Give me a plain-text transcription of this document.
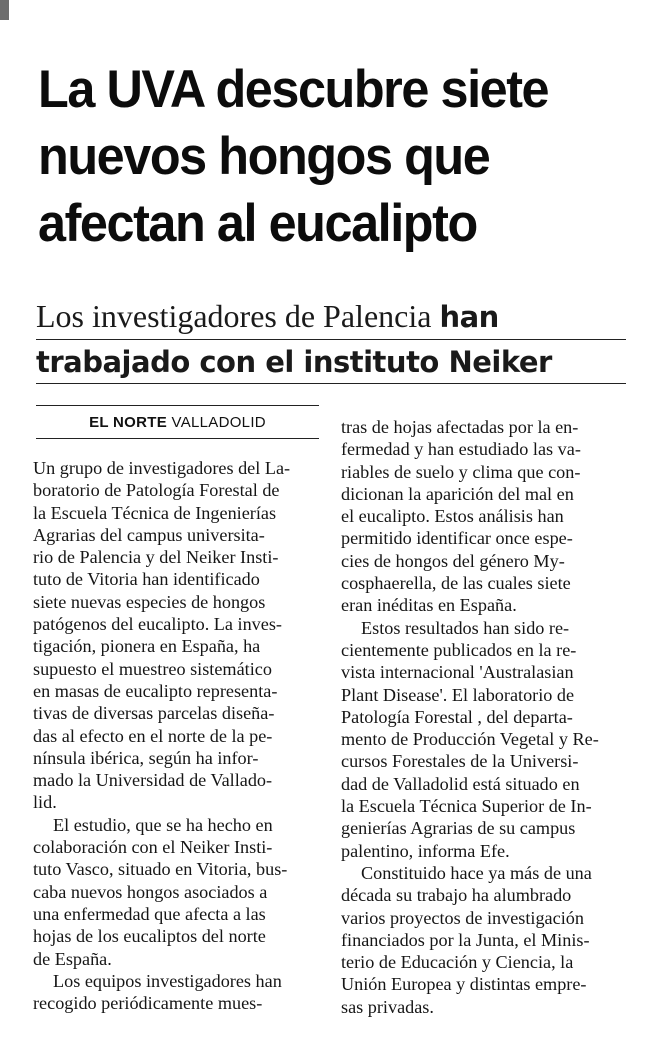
La UVA descubre siete
nuevos hongos que
afectan al eucalipto
Los investigadores de Palencia han
trabajado con el instituto Neiker
EL NORTE VALLADOLID
Un grupo de investigadores del La-
boratorio de Patología Forestal de
la Escuela Técnica de Ingenierías
Agrarias del campus universita-
rio de Palencia y del Neiker Insti-
tuto de Vitoria han identificado
siete nuevas especies de hongos
patógenos del eucalipto. La inves-
tigación, pionera en España, ha
supuesto el muestreo sistemático
en masas de eucalipto representa-
tivas de diversas parcelas diseña-
das al efecto en el norte de la pe-
nínsula ibérica, según ha infor-
mado la Universidad de Vallado-
lid.
El estudio, que se ha hecho en
colaboración con el Neiker Insti-
tuto Vasco, situado en Vitoria, bus-
caba nuevos hongos asociados a
una enfermedad que afecta a las
hojas de los eucaliptos del norte
de España.
Los equipos investigadores han
recogido periódicamente mues-
tras de hojas afectadas por la en-
fermedad y han estudiado las va-
riables de suelo y clima que con-
dicionan la aparición del mal en
el eucalipto. Estos análisis han
permitido identificar once espe-
cies de hongos del género My-
cosphaerella, de las cuales siete
eran inéditas en España.
Estos resultados han sido re-
cientemente publicados en la re-
vista internacional 'Australasian
Plant Disease'. El laboratorio de
Patología Forestal , del departa-
mento de Producción Vegetal y Re-
cursos Forestales de la Universi-
dad de Valladolid está situado en
la Escuela Técnica Superior de In-
genierías Agrarias de su campus
palentino, informa Efe.
Constituido hace ya más de una
década su trabajo ha alumbrado
varios proyectos de investigación
financiados por la Junta, el Minis-
terio de Educación y Ciencia, la
Unión Europea y distintas empre-
sas privadas.
